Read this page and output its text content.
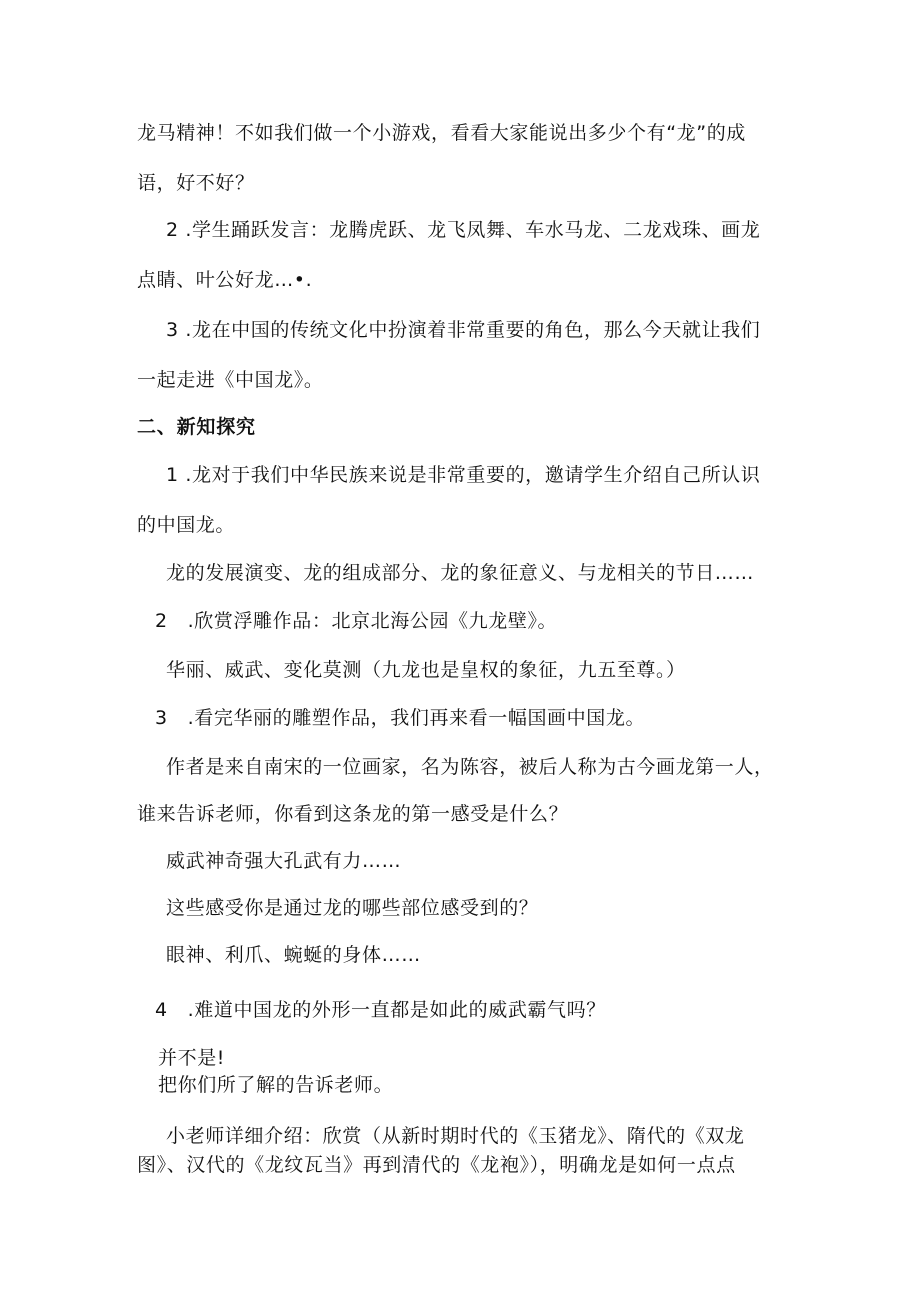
龙马精神！不如我们做一个小游戏，看看大家能说出多少个有“龙”的成
语，好不好？
2 .学生踊跃发言：龙腾虎跃、龙飞凤舞、车水马龙、二龙戏珠、画龙
点睛、叶公好龙…•.
3 .龙在中国的传统文化中扮演着非常重要的角色，那么今天就让我们
一起走进《中国龙》。
二、新知探究
1 .龙对于我们中华民族来说是非常重要的，邀请学生介绍自己所认识
的中国龙。
龙的发展演变、龙的组成部分、龙的象征意义、与龙相关的节日……
2   .欣赏浮雕作品：北京北海公园《九龙壁》。
华丽、威武、变化莫测（九龙也是皇权的象征，九五至尊。）
3   .看完华丽的雕塑作品，我们再来看一幅国画中国龙。
作者是来自南宋的一位画家，名为陈容，被后人称为古今画龙第一人，
谁来告诉老师，你看到这条龙的第一感受是什么？
威武神奇强大孔武有力……
这些感受你是通过龙的哪些部位感受到的？
眼神、利爪、蜿蜒的身体……
4   .难道中国龙的外形一直都是如此的威武霸气吗？
并不是!
把你们所了解的告诉老师。
小老师详细介绍：欣赏（从新时期时代的《玉猪龙》、隋代的《双龙
图》、汉代的《龙纹瓦当》再到清代的《龙袍》），明确龙是如何一点点
